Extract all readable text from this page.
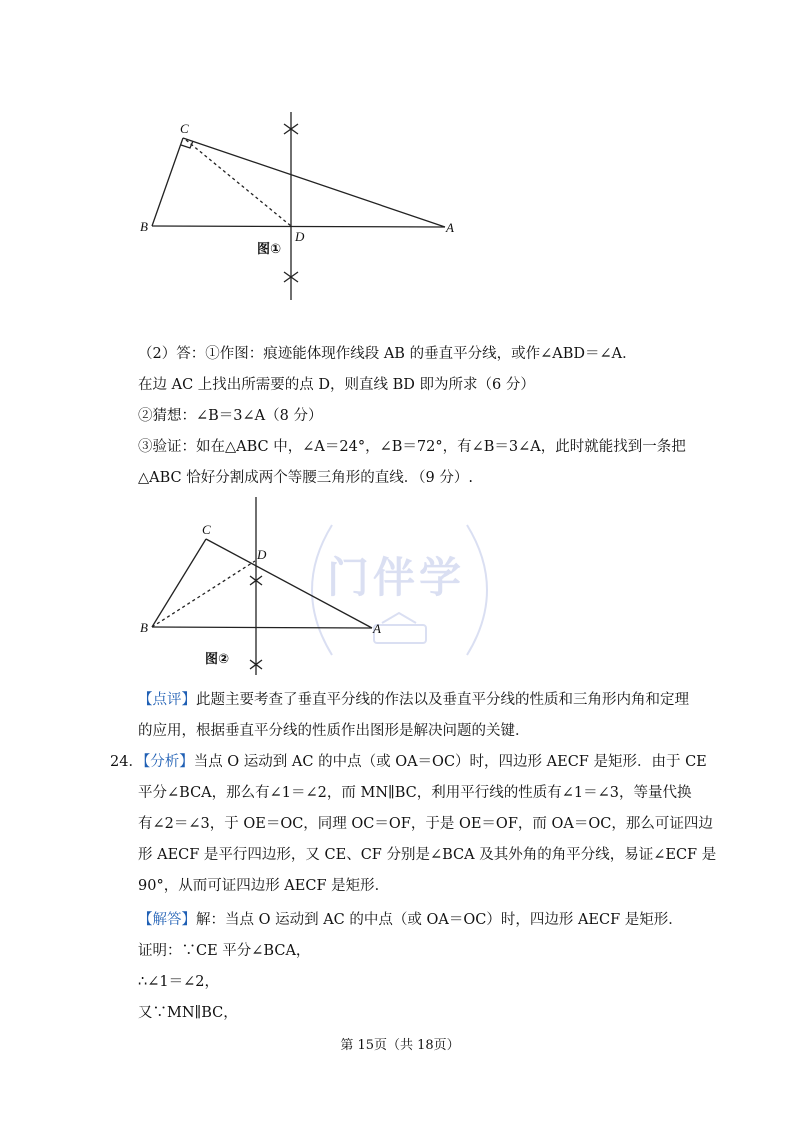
C
B
D
A
图①
门伴学
C
D
B	A
图②
（2）答：①作图：痕迹能体现作线段 AB 的垂直平分线，或作∠ABD＝∠A．
在边 AC 上找出所需要的点 D，则直线 BD 即为所求（6 分）
②猜想：∠B＝3∠A（8 分）
③验证：如在△ABC 中，∠A＝24°，∠B＝72°，有∠B＝3∠A，此时就能找到一条把
△ABC 恰好分割成两个等腰三角形的直线．（9 分）.
【点评】此题主要考查了垂直平分线的作法以及垂直平分线的性质和三角形内角和定理
的应用，根据垂直平分线的性质作出图形是解决问题的关键．
24．【分析】当点 O 运动到 AC 的中点（或 OA＝OC）时，四边形 AECF 是矩形．由于 CE
平分∠BCA，那么有∠1＝∠2，而 MN∥BC，利用平行线的性质有∠1＝∠3，等量代换
有∠2＝∠3，于 OE＝OC，同理 OC＝OF，于是 OE＝OF，而 OA＝OC，那么可证四边
形 AECF 是平行四边形，又 CE、CF 分别是∠BCA 及其外角的角平分线，易证∠ECF 是
90°，从而可证四边形 AECF 是矩形．
【解答】解：当点 O 运动到 AC 的中点（或 OA＝OC）时，四边形 AECF 是矩形．
证明：∵CE 平分∠BCA，
∴∠1＝∠2，
又∵MN∥BC，
第 15页（共 18页）
